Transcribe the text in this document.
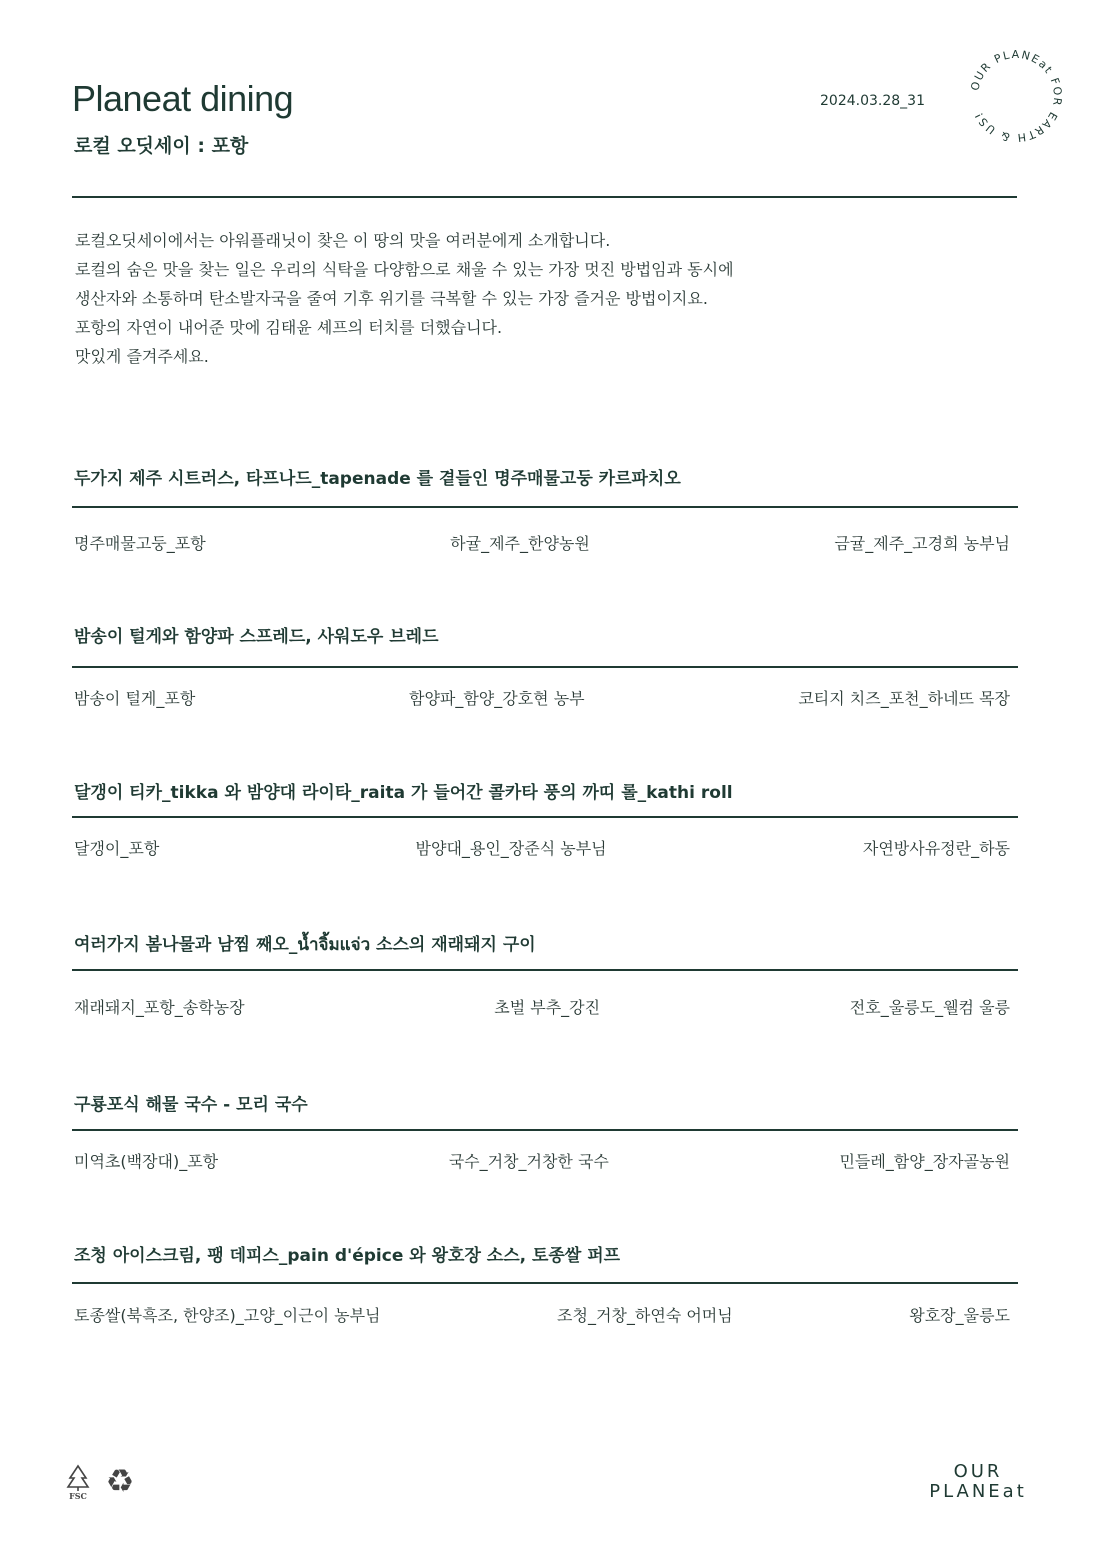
Planeat dining
로컬 오딧세이 : 포항
2024.03.28_31
OUR PLANEat FOR EARTH & US!
로컬오딧세이에서는 아워플래닛이 찾은 이 땅의 맛을 여러분에게 소개합니다.
로컬의 숨은 맛을 찾는 일은 우리의 식탁을 다양함으로 채울 수 있는 가장 멋진 방법임과 동시에
생산자와 소통하며 탄소발자국을 줄여 기후 위기를 극복할 수 있는 가장 즐거운 방법이지요.
포항의 자연이 내어준 맛에 김태윤 셰프의 터치를 더했습니다.
맛있게 즐겨주세요.
두가지 제주 시트러스, 타프나드_tapenade 를 곁들인 명주매물고둥 카르파치오
명주매물고둥_포항	하귤_제주_한양농원	금귤_제주_고경희 농부님
밤송이 털게와 함양파 스프레드, 사워도우 브레드
밤송이 털게_포항	함양파_함양_강호현 농부	코티지 치즈_포천_하네뜨 목장
달갱이 티카_tikka 와 밤양대 라이타_raita 가 들어간 콜카타 풍의 까띠 롤_kathi roll
달갱이_포항	밤양대_용인_장준식 농부님	자연방사유정란_하동
여러가지 봄나물과 남찜 째오_น้ำจิ้มแจ่ว 소스의 재래돼지 구이
재래돼지_포항_송학농장	초벌 부추_강진	전호_울릉도_웰컴 울릉
구룡포식 해물 국수 - 모리 국수
미역초(백장대)_포항	국수_거창_거창한 국수	민들레_함양_장자골농원
조청 아이스크림, 팽 데피스_pain d'épice 와 왕호장 소스, 토종쌀 퍼프
토종쌀(북흑조, 한양조)_고양_이근이 농부님	조청_거창_하연숙 어머님	왕호장_울릉도
FSC ♻	OUR
PLANEat
